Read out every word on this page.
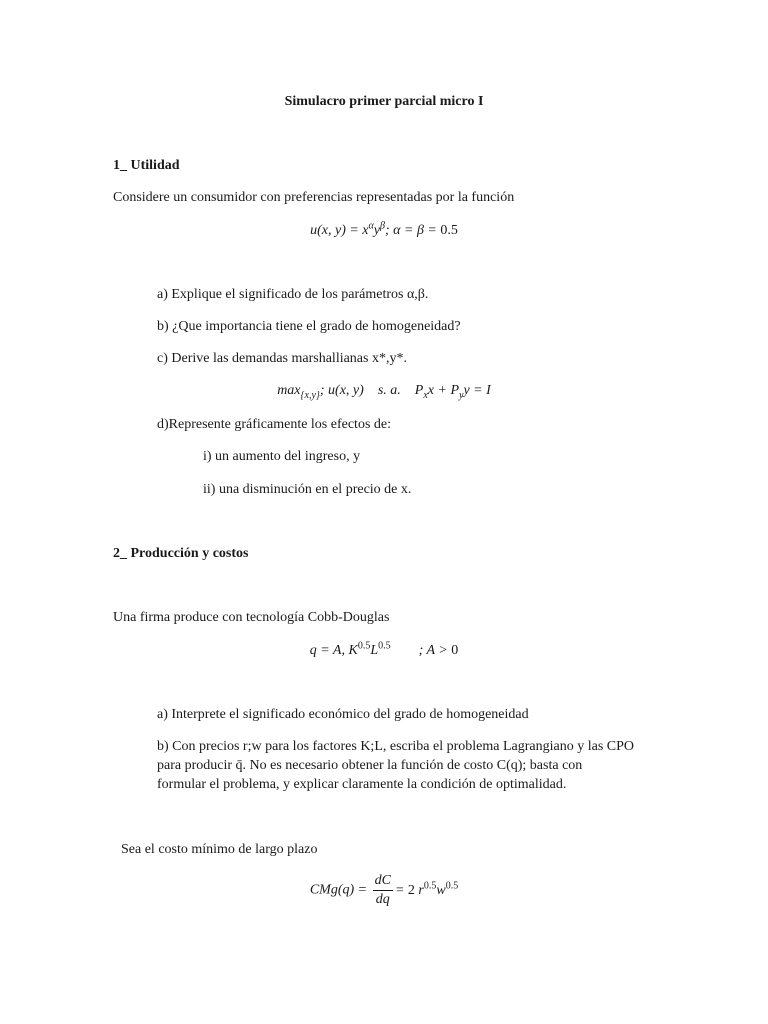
Simulacro primer parcial micro I
1_ Utilidad
Considere un consumidor con preferencias representadas por la función
u(x, $y) = x^\alpha y^\beta$; α = β = 0.5
a) Explique el significado de los parámetros α,β.
b) ¿Que importancia tiene el grado de homogeneidad?
c) Derive las demandas marshallianas x*,y*.
$\max_{\{x,y\}}$; u(x, y) s. a. $P_xx + P_yy = I$
d)Represente gráficamente los efectos de:
i) un aumento del ingreso, y
ii) una disminución en el precio de x.
2_ Producción y costos
Una firma produce con tecnología Cobb-Douglas
q = A, $K^{0.5}L^{0.5}$ ; A > 0
a) Interprete el significado económico del grado de homogeneidad
b) Con precios r;w para los factores K;L, escriba el problema Lagrangiano y las CPO
para producir q̄. No es necesario obtener la función de costo C(q); basta con
formular el problema, y explicar claramente la condición de optimalidad.
Sea el costo mínimo de largo plazo
$CMg(q) = \frac{dC}{dq} = 2$ $r^{0.5}w^{0.5}$
